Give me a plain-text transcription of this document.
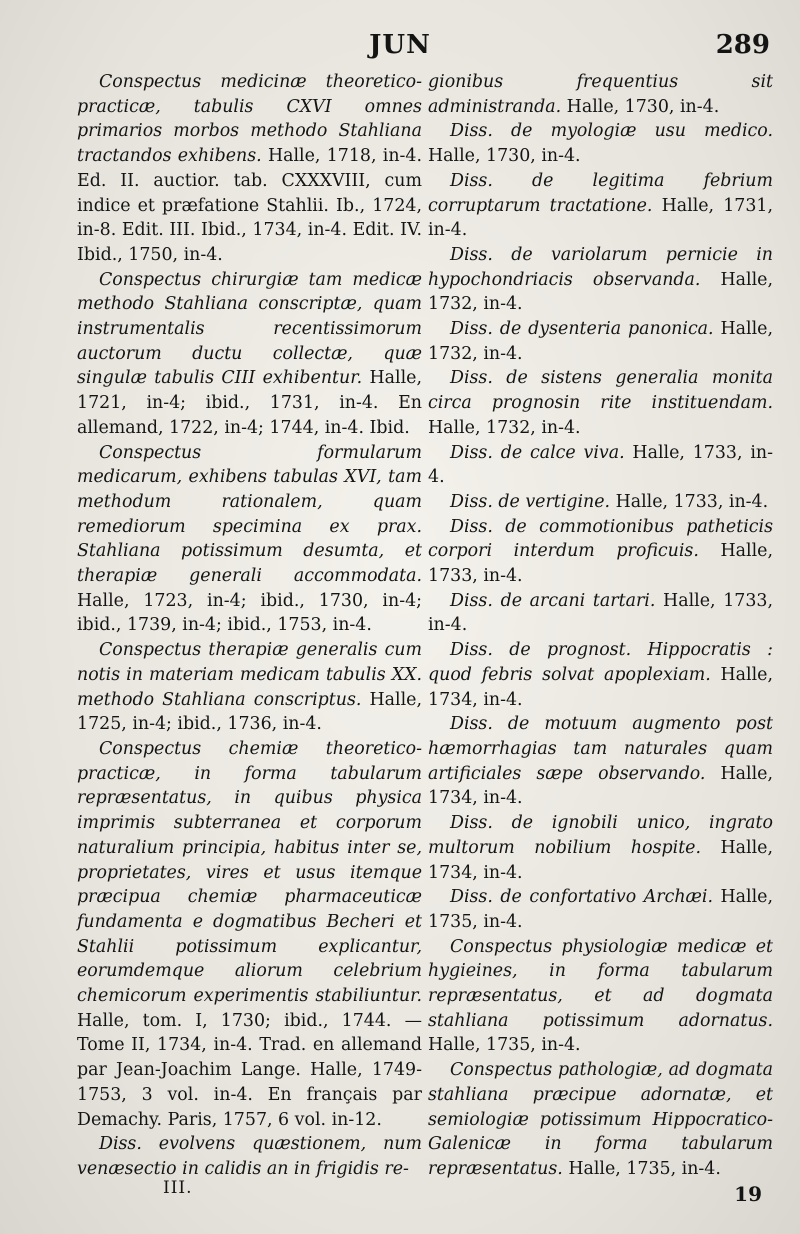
JUN	289

Conspectus medicinæ theoretico-practicæ, tabulis CXVI omnes primarios morbos methodo Stahliana tractandos exhibens. Halle, 1718, in-4. Ed. II. auctior. tab. CXXXVIII, cum indice et præfatione Stahlii. Ib., 1724, in-8. Edit. III. Ibid., 1734, in-4. Edit. IV. Ibid., 1750, in-4.

Conspectus chirurgiæ tam medicæ methodo Stahliana conscriptæ, quam instrumentalis recentissimorum auctorum ductu collectæ, quæ singulæ tabulis CIII exhibentur. Halle, 1721, in-4; ibid., 1731, in-4. En allemand, 1722, in-4; 1744, in-4. Ibid.

Conspectus formularum medicarum, exhibens tabulas XVI, tam methodum rationalem, quam remediorum specimina ex prax. Stahliana potissimum desumta, et therapiæ generali accommodata. Halle, 1723, in-4; ibid., 1730, in-4; ibid., 1739, in-4; ibid., 1753, in-4.

Conspectus therapiæ generalis cum notis in materiam medicam tabulis XX. methodo Stahliana conscriptus. Halle, 1725, in-4; ibid., 1736, in-4.

Conspectus chemiæ theoretico-practicæ, in forma tabularum repræsentatus, in quibus physica imprimis subterranea et corporum naturalium principia, habitus inter se, proprietates, vires et usus itemque præcipua chemiæ pharmaceuticæ fundamenta e dogmatibus Becheri et Stahlii potissimum explicantur, eorumdemque aliorum celebrium chemicorum experimentis stabiliuntur. Halle, tom. I, 1730; ibid., 1744. — Tome II, 1734, in-4. Trad. en allemand par Jean-Joachim Lange. Halle, 1749-1753, 3 vol. in-4. En français par Demachy. Paris, 1757, 6 vol. in-12.

Diss. evolvens quæstionem, num venæsectio in calidis an in frigidis re-

gionibus frequentius sit administranda. Halle, 1730, in-4.

Diss. de myologiæ usu medico. Halle, 1730, in-4.

Diss. de legitima febrium corruptarum tractatione. Halle, 1731, in-4.

Diss. de variolarum pernicie in hypochondriacis observanda. Halle, 1732, in-4.

Diss. de dysenteria panonica. Halle, 1732, in-4.

Diss. de sistens generalia monita circa prognosin rite instituendam. Halle, 1732, in-4.

Diss. de calce viva. Halle, 1733, in-4.

Diss. de vertigine. Halle, 1733, in-4.

Diss. de commotionibus patheticis corpori interdum proficuis. Halle, 1733, in-4.

Diss. de arcani tartari. Halle, 1733, in-4.

Diss. de prognost. Hippocratis : quod febris solvat apoplexiam. Halle, 1734, in-4.

Diss. de motuum augmento post hæmorrhagias tam naturales quam artificiales sæpe observando. Halle, 1734, in-4.

Diss. de ignobili unico, ingrato multorum nobilium hospite. Halle, 1734, in-4.

Diss. de confortativo Archæi. Halle, 1735, in-4.

Conspectus physiologiæ medicæ et hygieines, in forma tabularum repræsentatus, et ad dogmata stahliana potissimum adornatus. Halle, 1735, in-4.

Conspectus pathologiæ, ad dogmata stahliana præcipue adornatæ, et semiologiæ potissimum Hippocratico-Galenicæ in forma tabularum repræsentatus. Halle, 1735, in-4.

III.	19
